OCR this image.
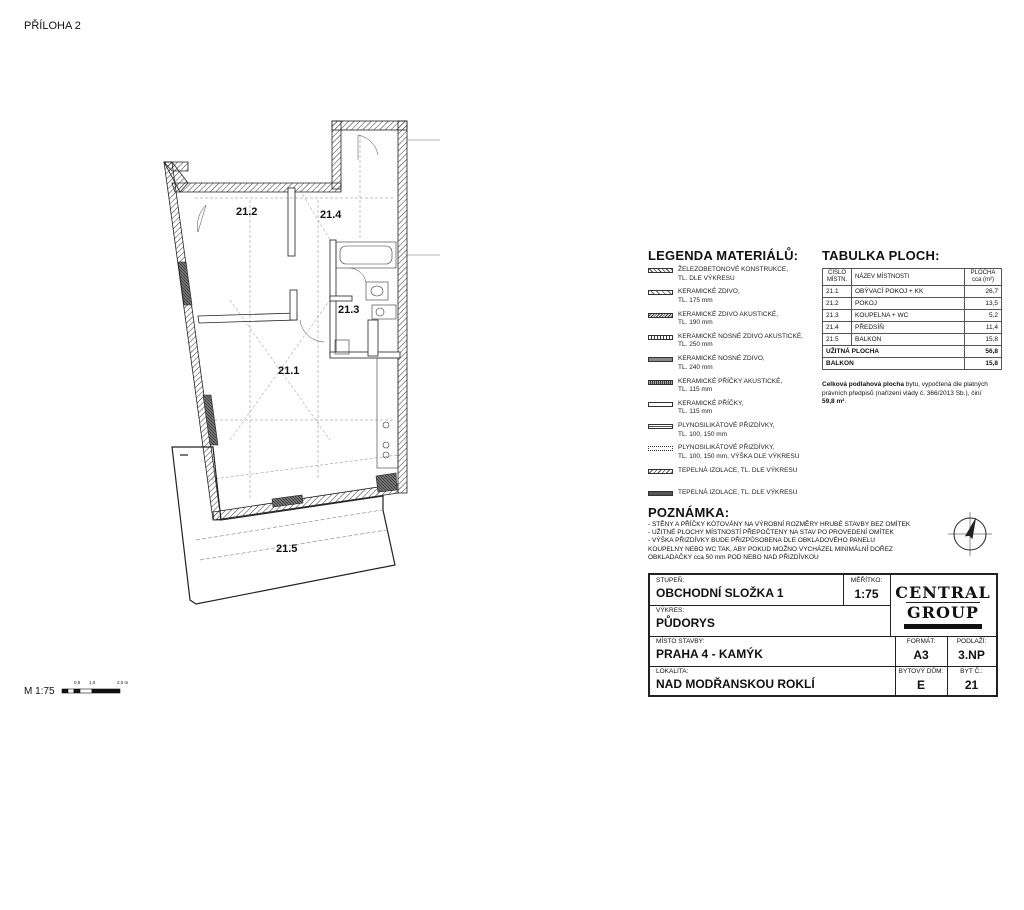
PŘÍLOHA 2
21.2	21.4
21.3
21.1
21.5
LEGENDA MATERIÁLŮ:
ŽELEZOBETONOVÉ KONSTRUKCE,
TL. DLE VÝKRESU
KERAMICKÉ ZDIVO,
TL. 175 mm
KERAMICKÉ ZDIVO AKUSTICKÉ,
TL. 190 mm
KERAMICKÉ NOSNÉ ZDIVO AKUSTICKÉ,
TL. 250 mm
KERAMICKÉ NOSNÉ ZDIVO,
TL. 240 mm
KERAMICKÉ PŘÍČKY AKUSTICKÉ,
TL. 115 mm
KERAMICKÉ PŘÍČKY,
TL. 115 mm
PLYNOSILIKÁTOVÉ PŘIZDÍVKY,
TL. 100, 150 mm
PLYNOSILIKÁTOVÉ PŘIZDÍVKY,
TL. 100, 150 mm, VÝŠKA DLE VÝKRESU
TEPELNÁ IZOLACE, TL. DLE VÝKRESU
TEPELNÁ IZOLACE, TL. DLE VÝKRESU
TABULKA PLOCH:
ČÍSLO MÍSTN.	NÁZEV MÍSTNOSTI	PLOCHA cca (m²)
21.1	OBÝVACÍ POKOJ + KK	26,7
21.2	POKOJ	13,5
21.3	KOUPELNA + WC	5,2
21.4	PŘEDSÍŇ	11,4
21.5	BALKON	15,8
UŽITNÁ PLOCHA		56,8
BALKON		15,8
Celková podlahová plocha bytu, vypočtená dle platných právních předpisů (nařízení vlády č. 366/2013 Sb.), činí 59,8 m².
POZNÁMKA:
- STĚNY A PŘÍČKY KÓTOVÁNY NA VÝROBNÍ ROZMĚRY HRUBÉ STAVBY BEZ OMÍTEK
- UŽITNÉ PLOCHY MÍSTNOSTÍ PŘEPOČTENY NA STAV PO PROVEDENÍ OMÍTEK
- VÝŠKA PŘIZDÍVKY BUDE PŘIZPŮSOBENA DLE OBKLADOVÉHO PANELU
KOUPELNY NEBO WC TAK, ABY POKUD MOŽNO VYCHÁZEL MINIMÁLNÍ DOŘEZ
OBKLADAČKY cca 50 mm POD NEBO NAD PŘIZDÍVKOU
STUPEŇ:
OBCHODNÍ SLOŽKA 1
MĚŘÍTKO:
1:75
VÝKRES:
PŮDORYS
CENTRAL
GROUP
MÍSTO STAVBY:
PRAHA 4 - KAMÝK
FORMÁT:
A3
PODLAŽÍ:
3.NP
LOKALITA:
NAD MODŘANSKOU ROKLÍ
BYTOVÝ DŮM:
E
BYT Č.:
21
M 1:75
0,5 1,0	2,0 m
